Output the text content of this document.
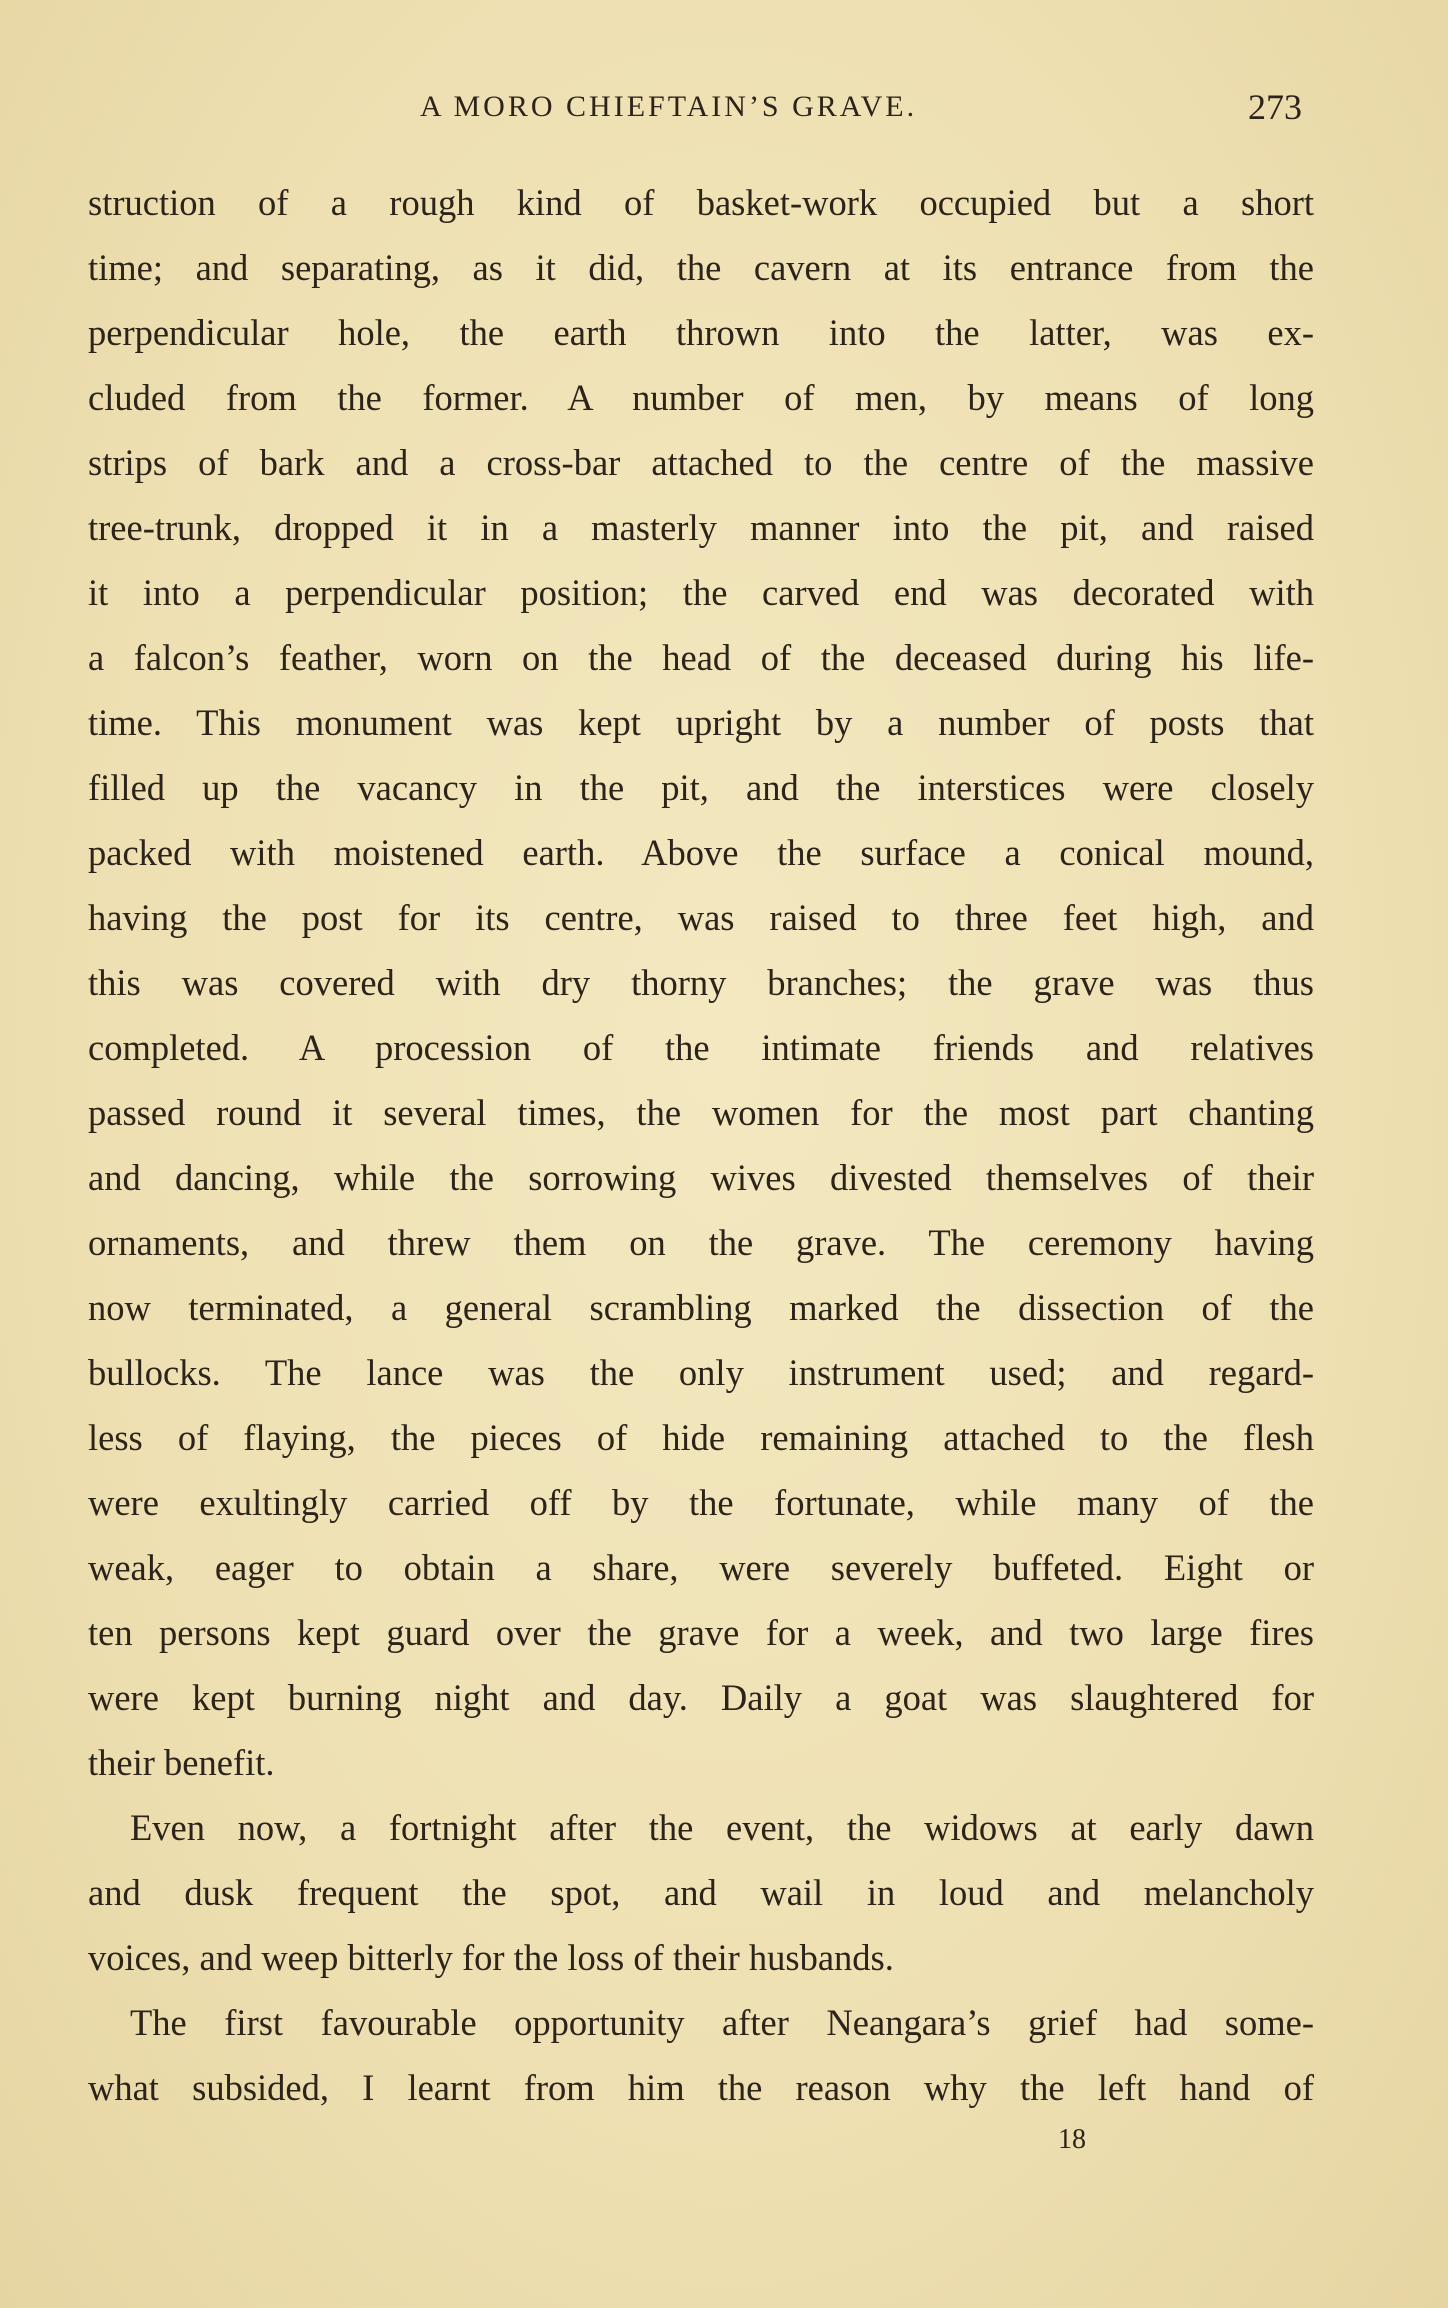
A MORO CHIEFTAIN’S GRAVE.	273
struction of a rough kind of basket-work occupied but a short
time; and separating, as it did, the cavern at its entrance from the
perpendicular hole, the earth thrown into the latter, was ex-
cluded from the former. A number of men, by means of long
strips of bark and a cross-bar attached to the centre of the massive
tree-trunk, dropped it in a masterly manner into the pit, and raised
it into a perpendicular position; the carved end was decorated with
a falcon’s feather, worn on the head of the deceased during his life-
time. This monument was kept upright by a number of posts that
filled up the vacancy in the pit, and the interstices were closely
packed with moistened earth. Above the surface a conical mound,
having the post for its centre, was raised to three feet high, and
this was covered with dry thorny branches; the grave was thus
completed. A procession of the intimate friends and relatives
passed round it several times, the women for the most part chanting
and dancing, while the sorrowing wives divested themselves of their
ornaments, and threw them on the grave. The ceremony having
now terminated, a general scrambling marked the dissection of the
bullocks. The lance was the only instrument used; and regard-
less of flaying, the pieces of hide remaining attached to the flesh
were exultingly carried off by the fortunate, while many of the
weak, eager to obtain a share, were severely buffeted. Eight or
ten persons kept guard over the grave for a week, and two large fires
were kept burning night and day. Daily a goat was slaughtered for
their benefit.
Even now, a fortnight after the event, the widows at early dawn
and dusk frequent the spot, and wail in loud and melancholy
voices, and weep bitterly for the loss of their husbands.
The first favourable opportunity after Neangara’s grief had some-
what subsided, I learnt from him the reason why the left hand of
18
